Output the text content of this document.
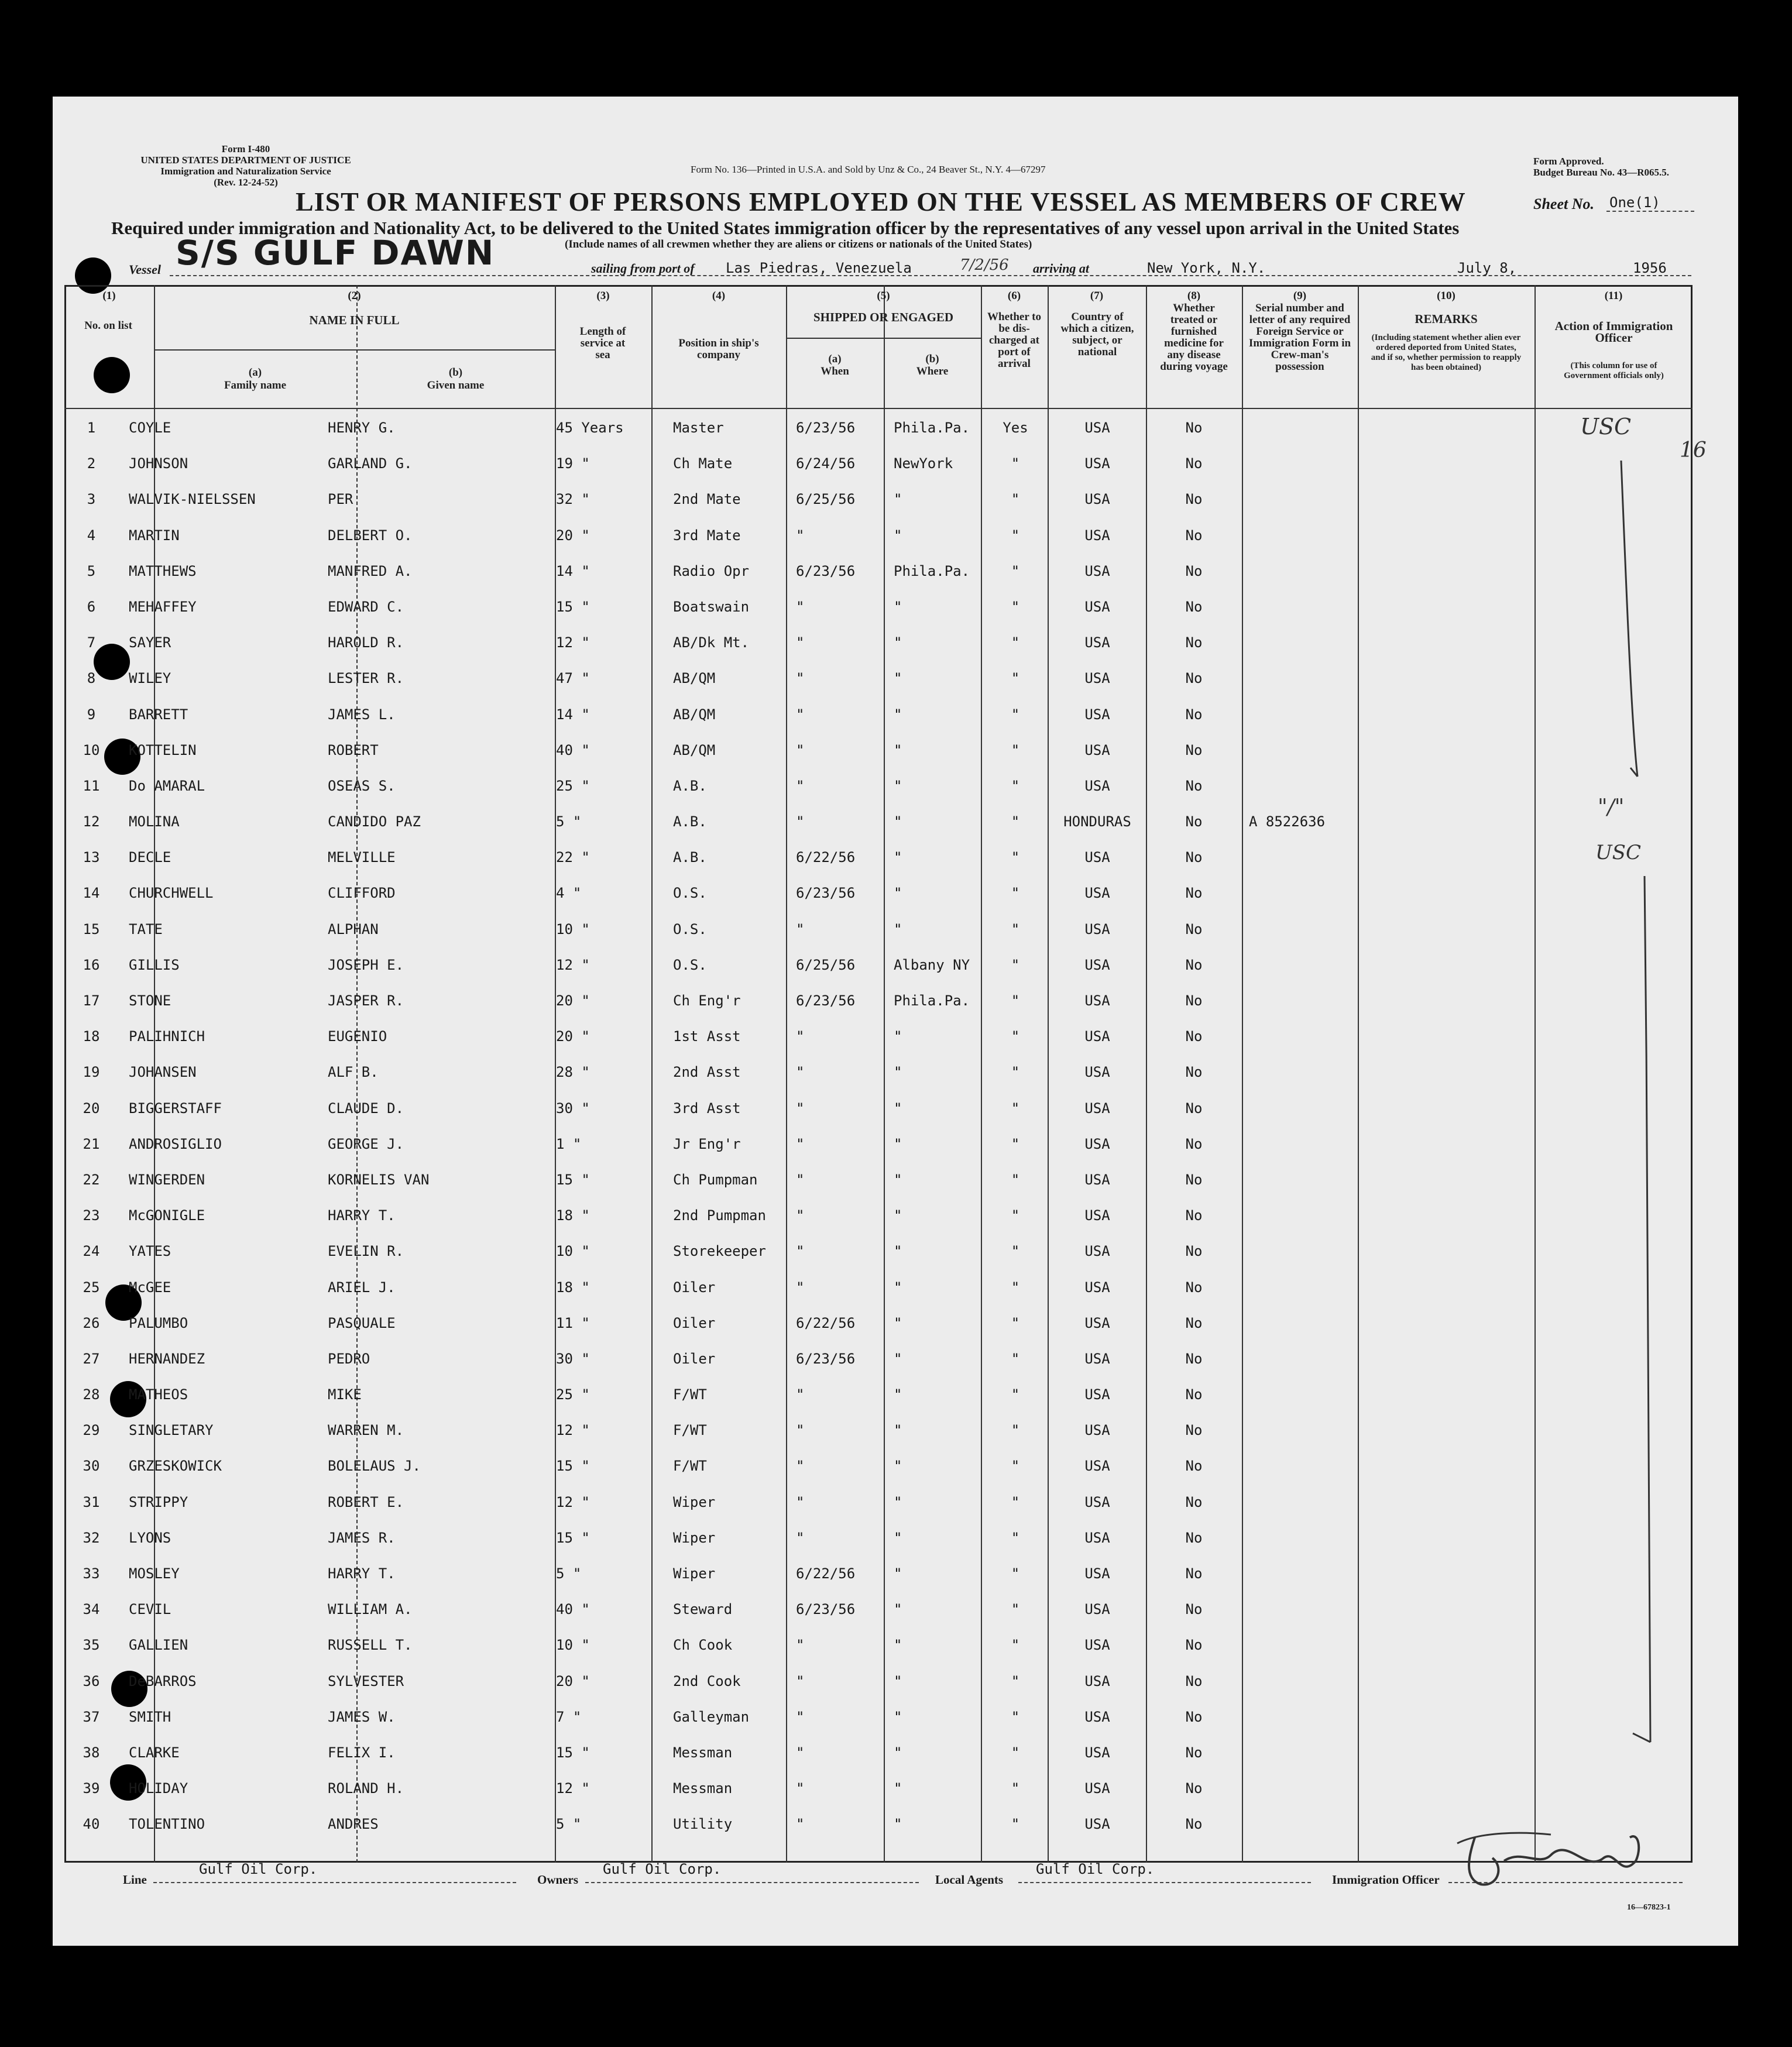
Form I-480
UNITED STATES DEPARTMENT OF JUSTICE
Immigration and Naturalization Service
(Rev. 12-24-52)
Form No. 136—Printed in U.S.A. and Sold by Unz & Co., 24 Beaver St., N.Y. 4—67297
Form Approved.
Budget Bureau No. 43—R065.5.
LIST OR MANIFEST OF PERSONS EMPLOYED ON THE VESSEL AS MEMBERS OF CREW	Sheet No. One(1)
Required under immigration and Nationality Act, to be delivered to the United States immigration officer by the representatives of any vessel upon arrival in the United States
(Include names of all crewmen whether they are aliens or citizens or nationals of the United States)
Vessel S/S GULF DAWN	sailing from port of Las Piedras, Venezuela	7/2/56 arriving at	New York, N.Y.	July 8,	1956
(1)	(2)	(3)	(4)	(5)	(6)	(7)	(8)	(9)	(10)	(11)
No. on list	NAME IN FULL
(a)
Family name
(b)
Given name
Length of service at sea
Position in ship's company
SHIPPED OR ENGAGED
(a)
When
(b)
Where
Whether to be dis-charged at port of arrival
Country of which a citizen, subject, or national
Whether treated or furnished medicine for any disease during voyage
Serial number and letter of any required Foreign Service or Immigration Form in Crew-man's possession
REMARKS
(Including statement whether alien ever ordered deported from United States, and if so, whether permission to reapply has been obtained)
Action of Immigration Officer
(This column for use of Government officials only)
1	COYLE	HENRY G.	45 Years	Master	6/23/56	Phila.Pa.	Yes	USA	No
2	JOHNSON	GARLAND G.	19 "	Ch Mate	6/24/56	NewYork	"	USA	No
3	WALVIK-NIELSSEN	PER	32 "	2nd Mate	6/25/56	"	"	USA	No
4	MARTIN	DELBERT O.	20 "	3rd Mate	"	"	"	USA	No
5	MATTHEWS	MANFRED A.	14 "	Radio Opr	6/23/56	Phila.Pa.	"	USA	No
6	MEHAFFEY	EDWARD C.	15 "	Boatswain	"	"	"	USA	No
7	SAYER	HAROLD R.	12 "	AB/Dk Mt.	"	"	"	USA	No
8	WILEY	LESTER R.	47 "	AB/QM	"	"	"	USA	No
9	BARRETT	JAMES L.	14 "	AB/QM	"	"	"	USA	No
10	KOTTELIN	ROBERT	40 "	AB/QM	"	"	"	USA	No
11	Do AMARAL	OSEAS S.	25 "	A.B.	"	"	"	USA	No
12	MOLINA	CANDIDO PAZ	5 "	A.B.	"	"	"	HONDURAS	No	A 8522636
13	DECLE	MELVILLE	22 "	A.B.	6/22/56	"	"	USA	No
14	CHURCHWELL	CLIFFORD	4 "	O.S.	6/23/56	"	"	USA	No
15	TATE	ALPHAN	10 "	O.S.	"	"	"	USA	No
16	GILLIS	JOSEPH E.	12 "	O.S.	6/25/56	Albany NY	"	USA	No
17	STONE	JASPER R.	20 "	Ch Eng'r	6/23/56	Phila.Pa.	"	USA	No
18	PALIHNICH	EUGENIO	20 "	1st Asst	"	"	"	USA	No
19	JOHANSEN	ALF B.	28 "	2nd Asst	"	"	"	USA	No
20	BIGGERSTAFF	CLAUDE D.	30 "	3rd Asst	"	"	"	USA	No
21	ANDROSIGLIO	GEORGE J.	1 "	Jr Eng'r	"	"	"	USA	No
22	WINGERDEN	KORNELIS VAN	15 "	Ch Pumpman	"	"	"	USA	No
23	McGONIGLE	HARRY T.	18 "	2nd Pumpman "	"	"	USA	No
24	YATES	EVELIN R.	10 "	Storekeeper "	"	"	USA	No
25	McGEE	ARIEL J.	18 "	Oiler	"	"	"	USA	No
26	PALUMBO	PASQUALE	11 "	Oiler	6/22/56	"	"	USA	No
27	HERNANDEZ	PEDRO	30 "	Oiler	6/23/56	"	"	USA	No
28	MATHEOS	MIKE	25 "	F/WT	"	"	"	USA	No
29	SINGLETARY	WARREN M.	12 "	F/WT	"	"	"	USA	No
30	GRZESKOWICK	BOLELAUS J.	15 "	F/WT	"	"	"	USA	No
31	STRIPPY	ROBERT E.	12 "	Wiper	"	"	"	USA	No
32	LYONS	JAMES R.	15 "	Wiper	"	"	"	USA	No
33	MOSLEY	HARRY T.	5 "	Wiper	6/22/56	"	"	USA	No
34	CEVIL	WILLIAM A.	40 "	Steward	6/23/56	"	"	USA	No
35	GALLIEN	RUSSELL T.	10 "	Ch Cook	"	"	"	USA	No
36	DeBARROS	SYLVESTER	20 "	2nd Cook	"	"	"	USA	No
37	SMITH	JAMES W.	7 "	Galleyman	"	"	"	USA	No
38	CLARKE	FELIX I.	15 "	Messman	"	"	"	USA	No
39	HOLIDAY	ROLAND H.	12 "	Messman	"	"	"	USA	No
40	TOLENTINO	ANDRES	5 "	Utility	"	"	"	USA	No
16
USC
"/"
USC
Line
Gulf Oil Corp.
Owners
Gulf Oil Corp.
Local Agents
Gulf Oil Corp.
Immigration Officer
16—67823-1
